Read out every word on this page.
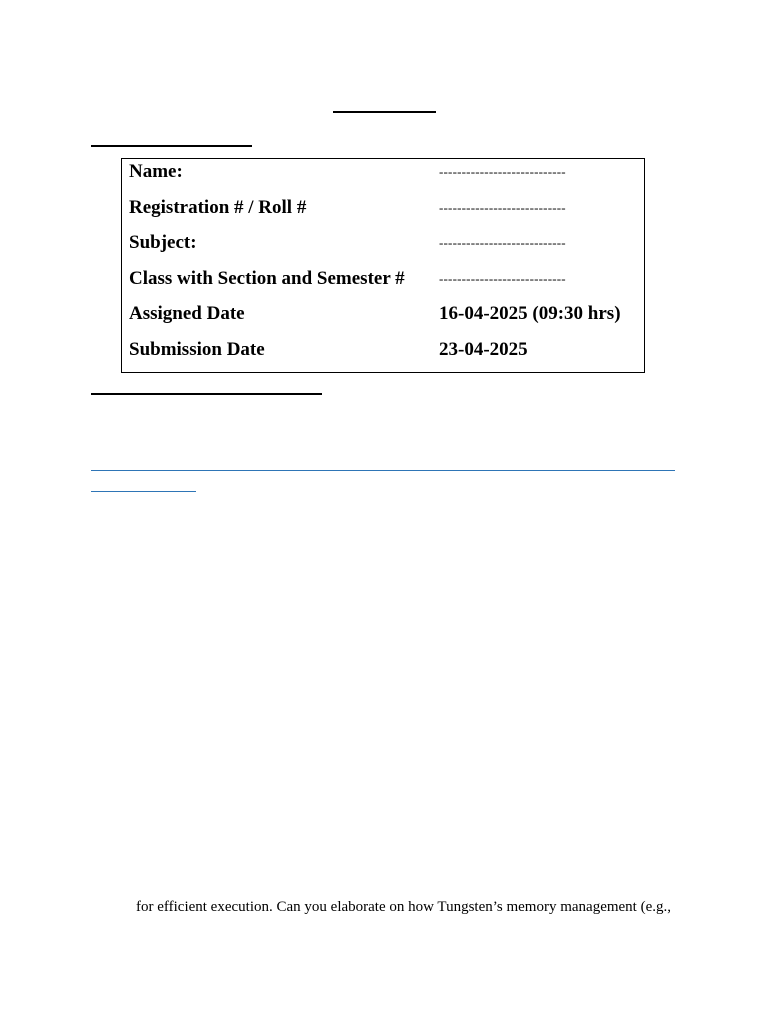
Name:	----------------------------
Registration # / Roll #	----------------------------
Subject:	----------------------------
Class with Section and Semester #	----------------------------
Assigned Date	16-04-2025 (09:30 hrs)
Submission Date	23-04-2025
for efficient execution. Can you elaborate on how Tungsten’s memory management (e.g.,
